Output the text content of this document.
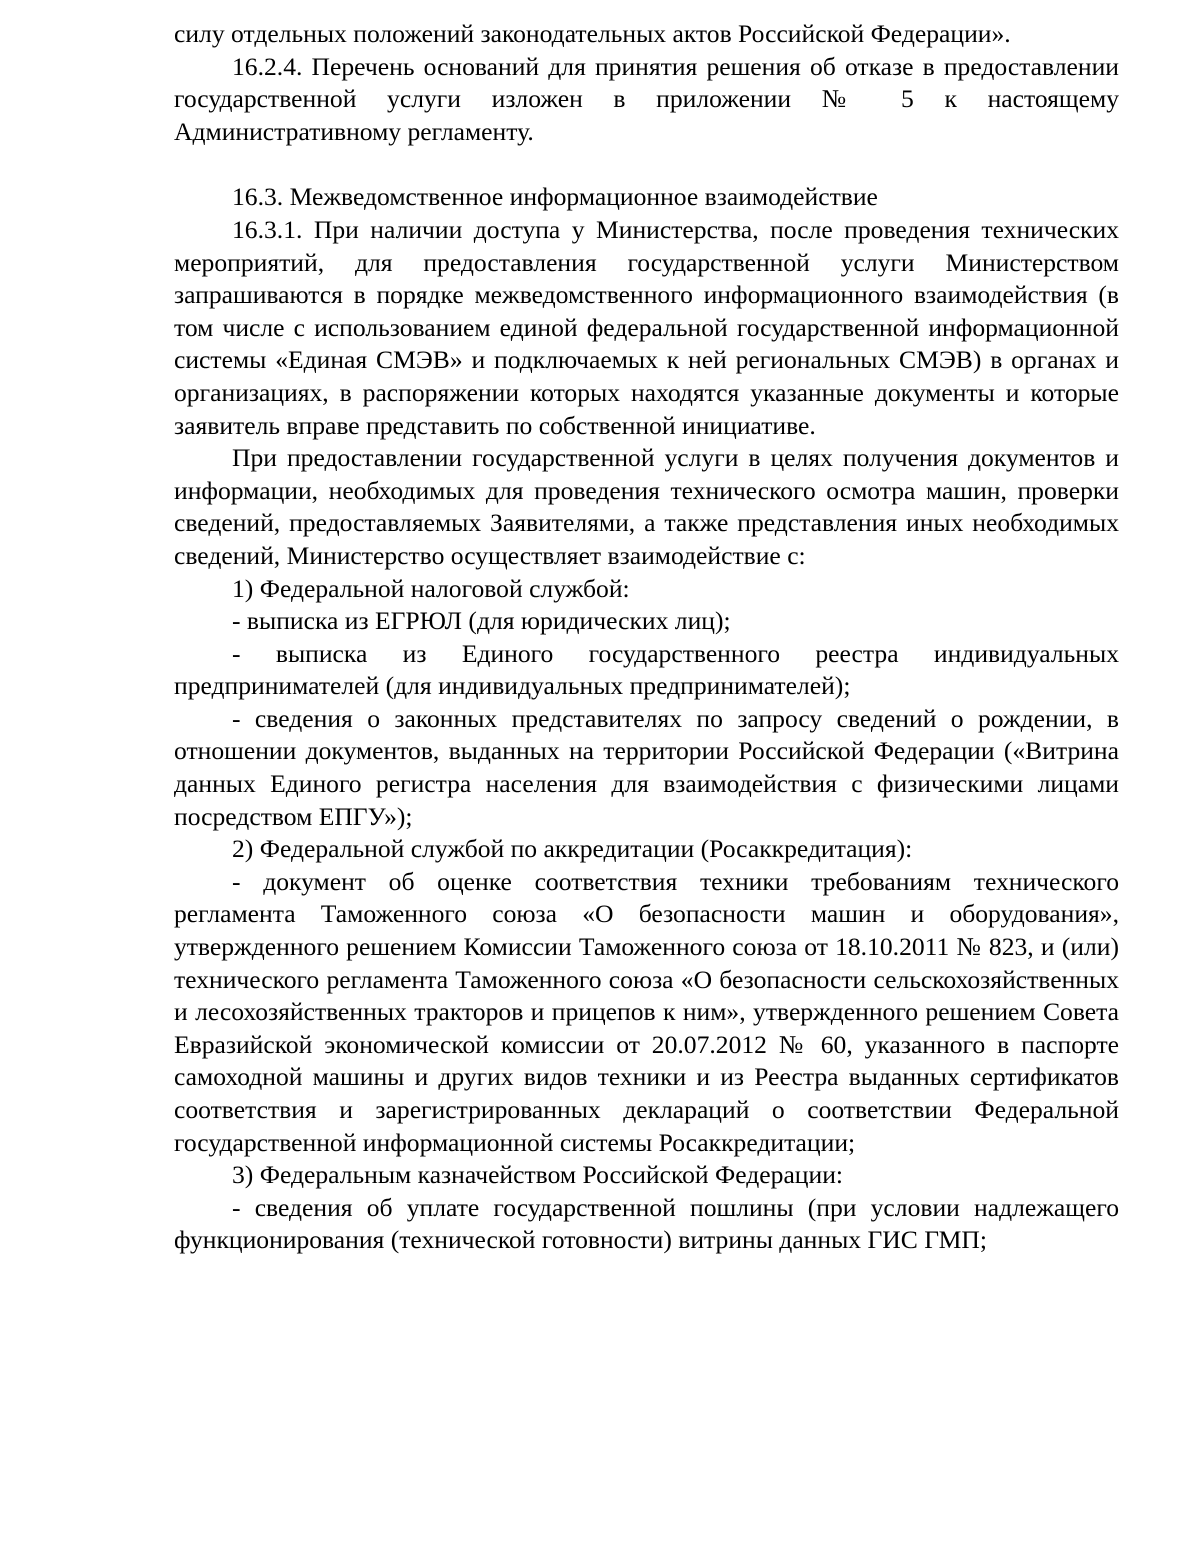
силу отдельных положений законодательных актов Российской Федерации».

16.2.4. Перечень оснований для принятия решения об отказе в предоставлении государственной услуги изложен в приложении № 5 к настоящему Административному регламенту.

16.3. Межведомственное информационное взаимодействие

16.3.1. При наличии доступа у Министерства, после проведения технических мероприятий, для предоставления государственной услуги Министерством запрашиваются в порядке межведомственного информационного взаимодействия (в том числе с использованием единой федеральной государственной информационной системы «Единая СМЭВ» и подключаемых к ней региональных СМЭВ) в органах и организациях, в распоряжении которых находятся указанные документы и которые заявитель вправе представить по собственной инициативе.

При предоставлении государственной услуги в целях получения документов и информации, необходимых для проведения технического осмотра машин, проверки сведений, предоставляемых Заявителями, а также представления иных необходимых сведений, Министерство осуществляет взаимодействие с:

1) Федеральной налоговой службой:

- выписка из ЕГРЮЛ (для юридических лиц);

- выписка из Единого государственного реестра индивидуальных предпринимателей (для индивидуальных предпринимателей);

- сведения о законных представителях по запросу сведений о рождении, в отношении документов, выданных на территории Российской Федерации («Витрина данных Единого регистра населения для взаимодействия с физическими лицами посредством ЕПГУ»);

2) Федеральной службой по аккредитации (Росаккредитация):

- документ об оценке соответствия техники требованиям технического регламента Таможенного союза «О безопасности машин и оборудования», утвержденного решением Комиссии Таможенного союза от 18.10.2011 № 823, и (или) технического регламента Таможенного союза «О безопасности сельскохозяйственных и лесохозяйственных тракторов и прицепов к ним», утвержденного решением Совета Евразийской экономической комиссии от 20.07.2012 № 60, указанного в паспорте самоходной машины и других видов техники и из Реестра выданных сертификатов соответствия и зарегистрированных деклараций о соответствии Федеральной государственной информационной системы Росаккредитации;

3) Федеральным казначейством Российской Федерации:

- сведения об уплате государственной пошлины (при условии надлежащего функционирования (технической готовности) витрины данных ГИС ГМП;
